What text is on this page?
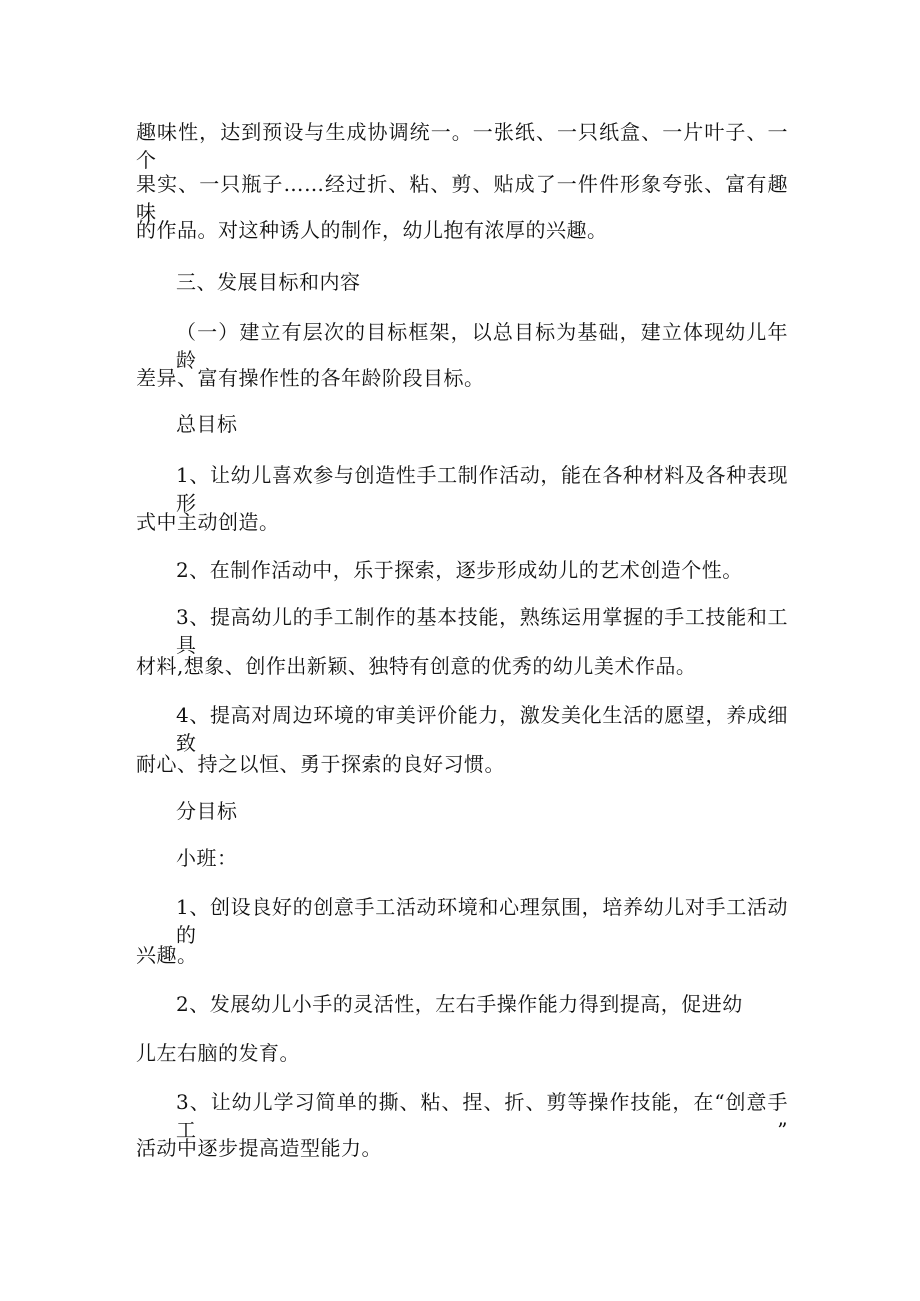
趣味性，达到预设与生成协调统一。一张纸、一只纸盒、一片叶子、一个
果实、一只瓶子……经过折、粘、剪、贴成了一件件形象夸张、富有趣味
的作品。对这种诱人的制作，幼儿抱有浓厚的兴趣。
三、发展目标和内容
（一）建立有层次的目标框架，以总目标为基础，建立体现幼儿年龄
差异、富有操作性的各年龄阶段目标。
总目标
1、让幼儿喜欢参与创造性手工制作活动，能在各种材料及各种表现形
式中主动创造。
2、在制作活动中，乐于探索，逐步形成幼儿的艺术创造个性。
3、提高幼儿的手工制作的基本技能，熟练运用掌握的手工技能和工具
材料,想象、创作出新颖、独特有创意的优秀的幼儿美术作品。
4、提高对周边环境的审美评价能力，激发美化生活的愿望，养成细致
耐心、持之以恒、勇于探索的良好习惯。
分目标
小班：
1、创设良好的创意手工活动环境和心理氛围，培养幼儿对手工活动的
兴趣。
2、发展幼儿小手的灵活性，左右手操作能力得到提高，促进幼
儿左右脑的发育。
3、让幼儿学习简单的撕、粘、捏、折、剪等操作技能，在“创意手工”
活动中逐步提高造型能力。
